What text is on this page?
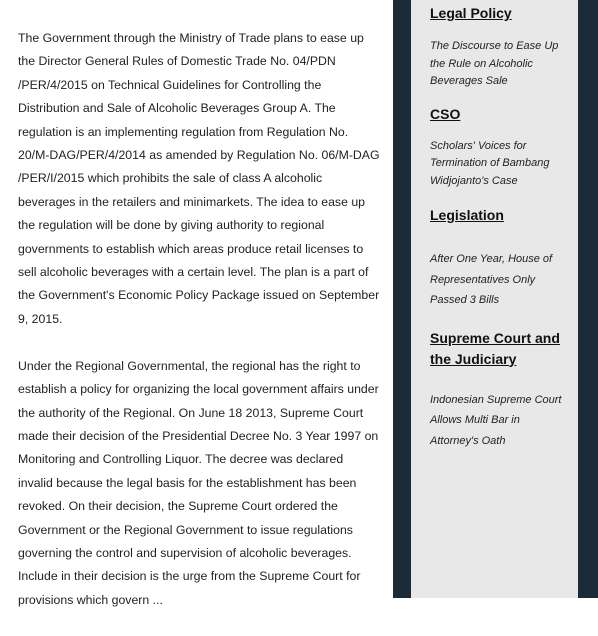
The Government through the Ministry of Trade plans to ease up the Director General Rules of Domestic Trade No. 04/PDN /PER/4/2015 on Technical Guidelines for Controlling the Distribution and Sale of Alcoholic Beverages Group A. The regulation is an implementing regulation from Regulation No. 20/M-DAG/PER/4/2014 as amended by Regulation No. 06/M-DAG /PER/I/2015 which prohibits the sale of class A alcoholic beverages in the retailers and minimarkets. The idea to ease up the regulation will be done by giving authority to regional governments to establish which areas produce retail licenses to sell alcoholic beverages with a certain level. The plan is a part of the Government's Economic Policy Package issued on September 9, 2015.

Under the Regional Governmental, the regional has the right to establish a policy for organizing the local government affairs under the authority of the Regional. On June 18 2013, Supreme Court made their decision of the Presidential Decree No. 3 Year 1997 on Monitoring and Controlling Liquor. The decree was declared invalid because the legal basis for the establishment has been revoked. On their decision, the Supreme Court ordered the Government or the Regional Government to issue regulations governing the control and supervision of alcoholic beverages. Include in their decision is the urge from the Supreme Court for provisions which govern ...

Legal Policy

The Discourse to Ease Up the Rule on Alcoholic Beverages Sale

CSO

Scholars' Voices for Termination of Bambang Widjojanto's Case

Legislation

After One Year, House of Representatives Only Passed 3 Bills

Supreme Court and the Judiciary

Indonesian Supreme Court Allows Multi Bar in Attorney's Oath
